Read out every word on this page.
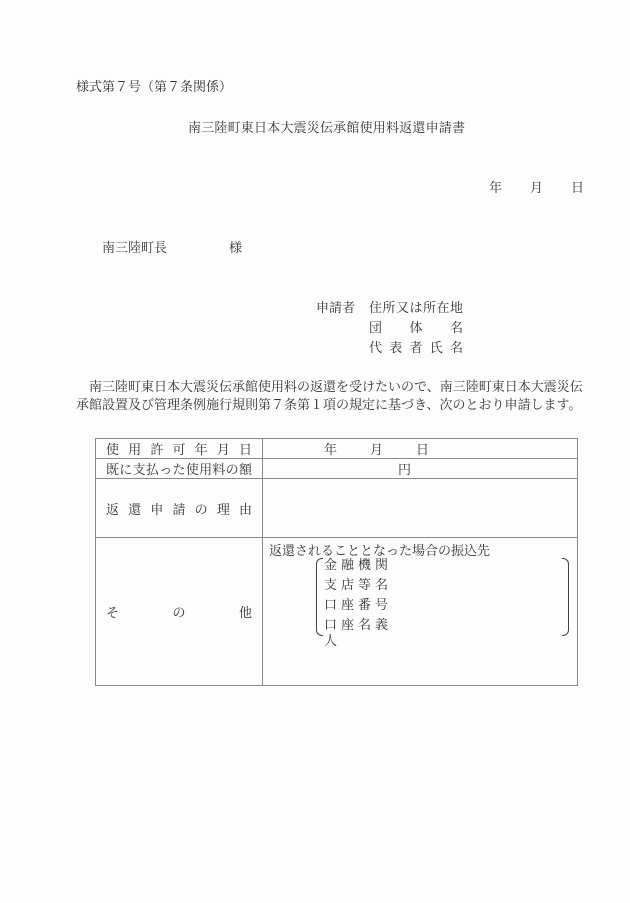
様式第７号（第７条関係）
南三陸町東日本大震災伝承館使用料返還申請書
年 月 日
南三陸町長	様
申請者 住所又は所在地
団体名
代表者氏名
南三陸町東日本大震災伝承館使用料の返還を受けたいので、南三陸町東日本大震災伝承館設置及び管理条例施行規則第７条第１項の規定に基づき、次のとおり申請します。
使用許可年月日	年 月 日

既に支払った使用料の額	円

返還申請の理由	

その他	返還されることとなった場合の振込先
金融機関
支店等名
口座番号
口座名義人
